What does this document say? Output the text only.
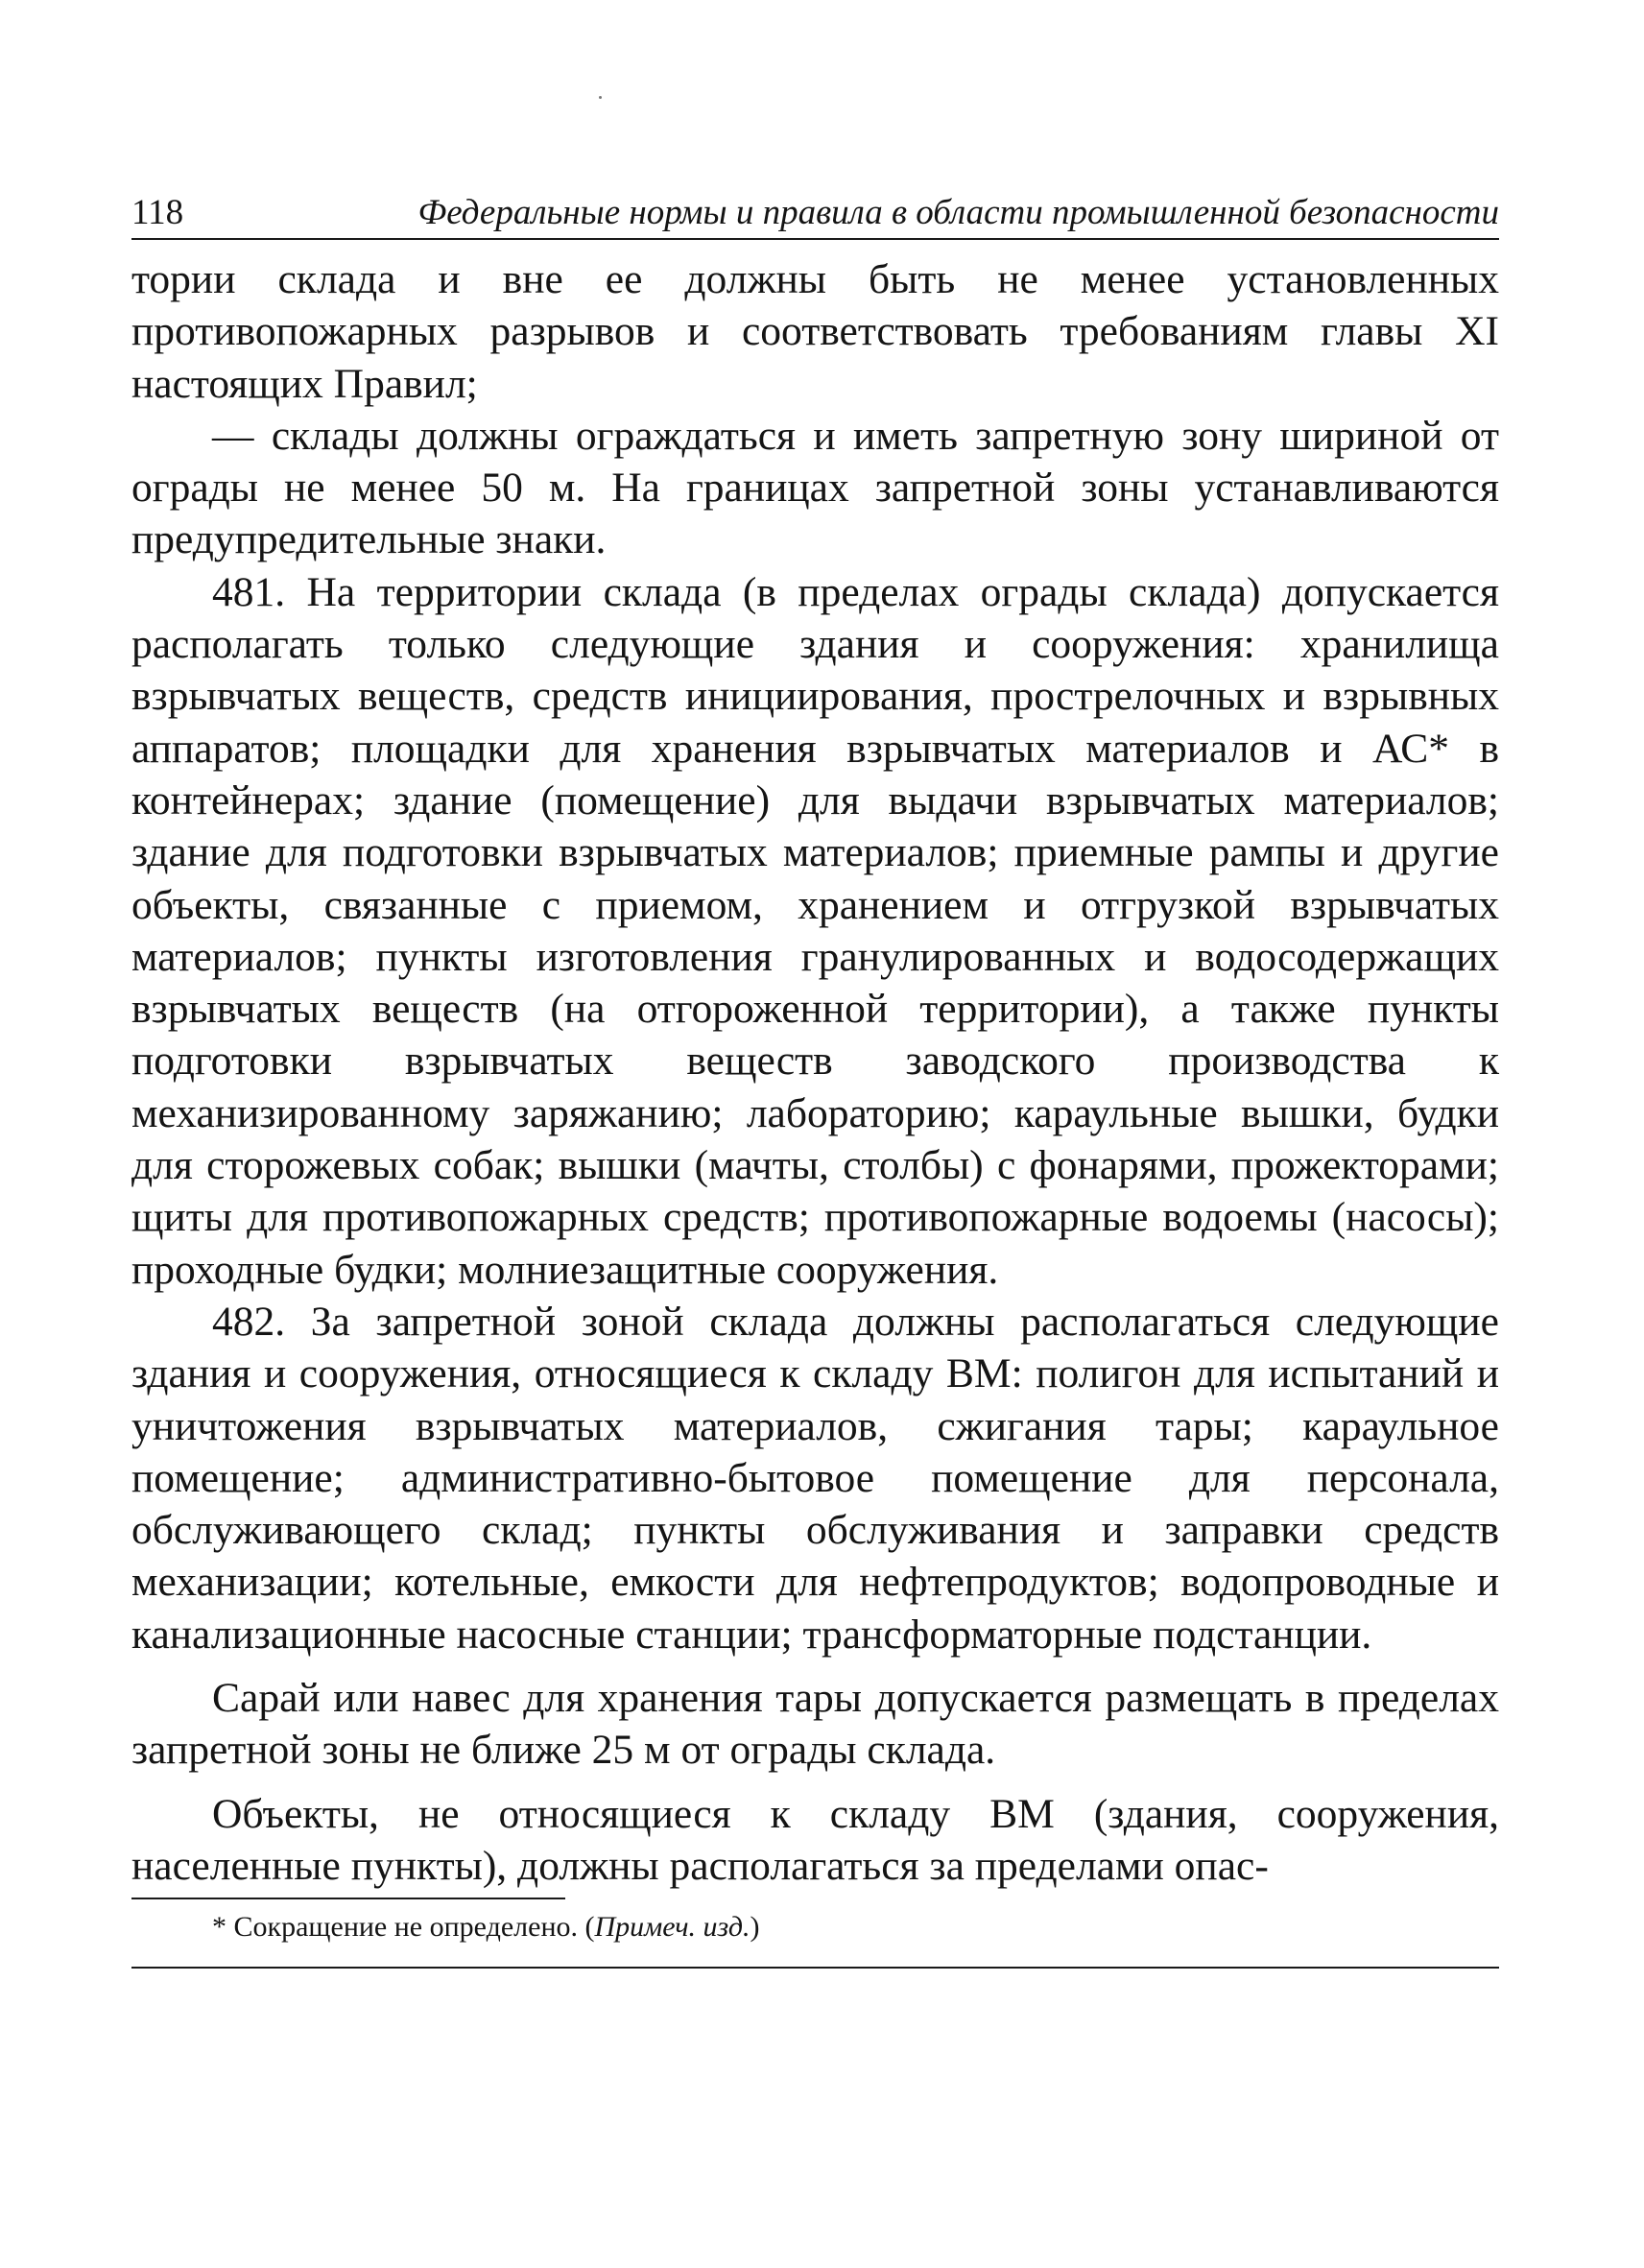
118	Федеральные нормы и правила в области промышленной безопасности

тории склада и вне ее должны быть не менее установленных противопожарных разрывов и соответствовать требованиям главы XI настоящих Правил;

— склады должны ограждаться и иметь запретную зону шириной от ограды не менее 50 м. На границах запретной зоны устанавливаются предупредительные знаки.

481. На территории склада (в пределах ограды склада) допускается располагать только следующие здания и сооружения: хранилища взрывчатых веществ, средств инициирования, прострелочных и взрывных аппаратов; площадки для хранения взрывчатых материалов и АС* в контейнерах; здание (помещение) для выдачи взрывчатых материалов; здание для подготовки взрывчатых материалов; приемные рампы и другие объекты, связанные с приемом, хранением и отгрузкой взрывчатых материалов; пункты изготовления гранулированных и водосодержащих взрывчатых веществ (на отгороженной территории), а также пункты подготовки взрывчатых веществ заводского производства к механизированному заряжанию; лабораторию; караульные вышки, будки для сторожевых собак; вышки (мачты, столбы) с фонарями, прожекторами; щиты для противопожарных средств; противопожарные водоемы (насосы); проходные будки; молниезащитные сооружения.

482. За запретной зоной склада должны располагаться следующие здания и сооружения, относящиеся к складу ВМ: полигон для испытаний и уничтожения взрывчатых материалов, сжигания тары; караульное помещение; административно-бытовое помещение для персонала, обслуживающего склад; пункты обслуживания и заправки средств механизации; котельные, емкости для нефтепродуктов; водопроводные и канализационные насосные станции; трансформаторные подстанции.

Сарай или навес для хранения тары допускается размещать в пределах запретной зоны не ближе 25 м от ограды склада.

Объекты, не относящиеся к складу ВМ (здания, сооружения, населенные пункты), должны располагаться за пределами опас-

* Сокращение не определено. (Примеч. изд.)
